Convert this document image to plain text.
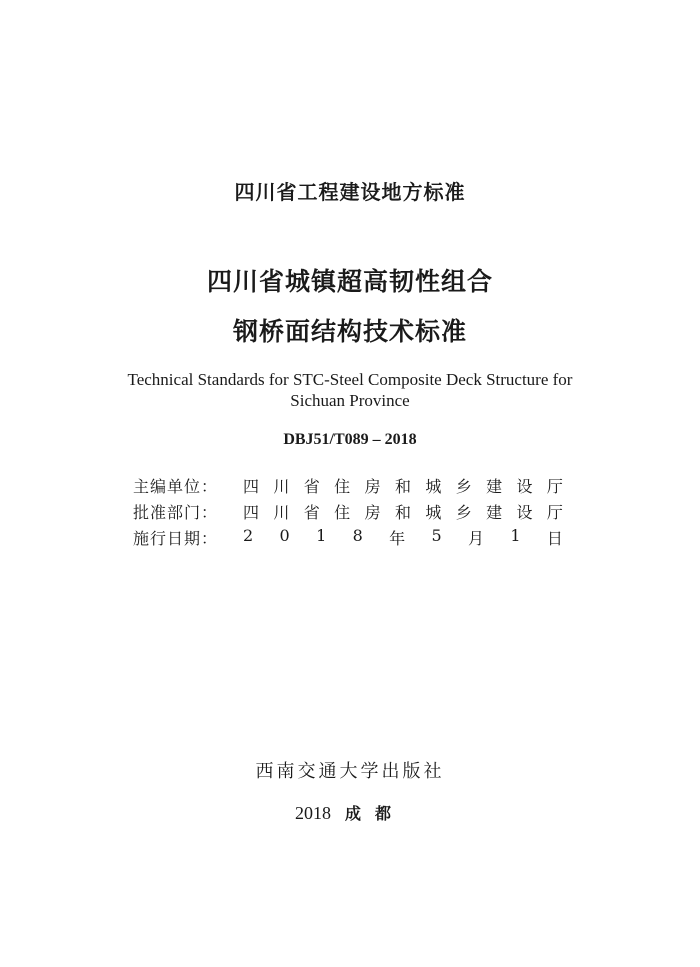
四川省工程建设地方标准
四川省城镇超高韧性组合
钢桥面结构技术标准
Technical Standards for STC-Steel Composite Deck Structure for
Sichuan Province
DBJ51/T089 – 2018
主编单位： 四 川 省 住 房 和 城 乡 建 设 厅
批准部门： 四 川 省 住 房 和 城 乡 建 设 厅
施行日期： 2 0 1 8 年 5 月 1 日
西南交通大学出版社
2018 成都
